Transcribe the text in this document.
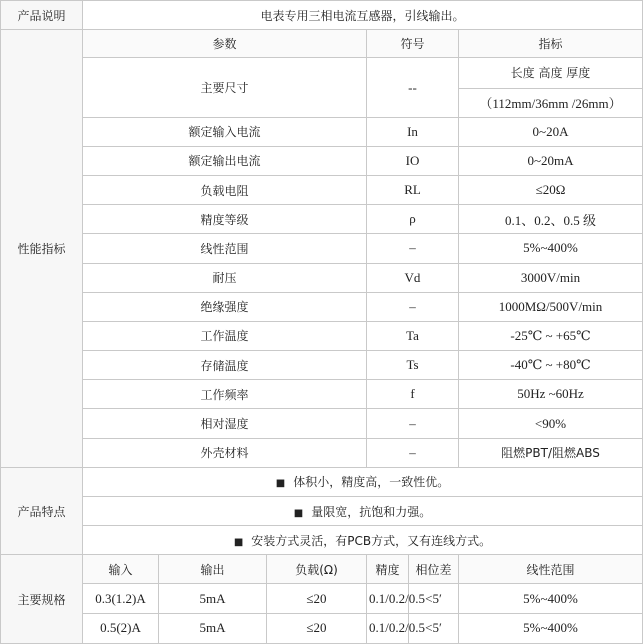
产品说明	电表专用三相电流互感器，引线输出。					
性能指标	参数			符号		指标
	主要尺寸			--		长度 高度 厚度
						（112mm/36mm /26mm）
	额定输入电流			In		0~20A
	额定输出电流			IO		0~20mA
	负载电阻			RL		≤20Ω
	精度等级			ρ		0.1、0.2、0.5 级
	线性范围			–		5%~400%
	耐压			Vd		3000V/min
	绝缘强度			–		1000MΩ/500V/min
	工作温度			Ta		-25℃ ~ +65℃
	存储温度			Ts		-40℃ ~ +80℃
	工作频率			f		50Hz ~60Hz
	相对湿度			–		<90%
	外壳材料			–		阻燃PBT/阻燃ABS
产品特点	■ 体积小，精度高，一致性优。					
	■ 量限宽，抗饱和力强。					
	■ 安装方式灵活，有PCB方式，又有连线方式。					
主要规格	输入	输出	负载(Ω)	精度	相位差	线性范围
	0.3(1.2)A	5mA	≤20	0.1/0.2/0.5	<5′	5%~400%
	0.5(2)A	5mA	≤20	0.1/0.2/0.5	<5′	5%~400%
